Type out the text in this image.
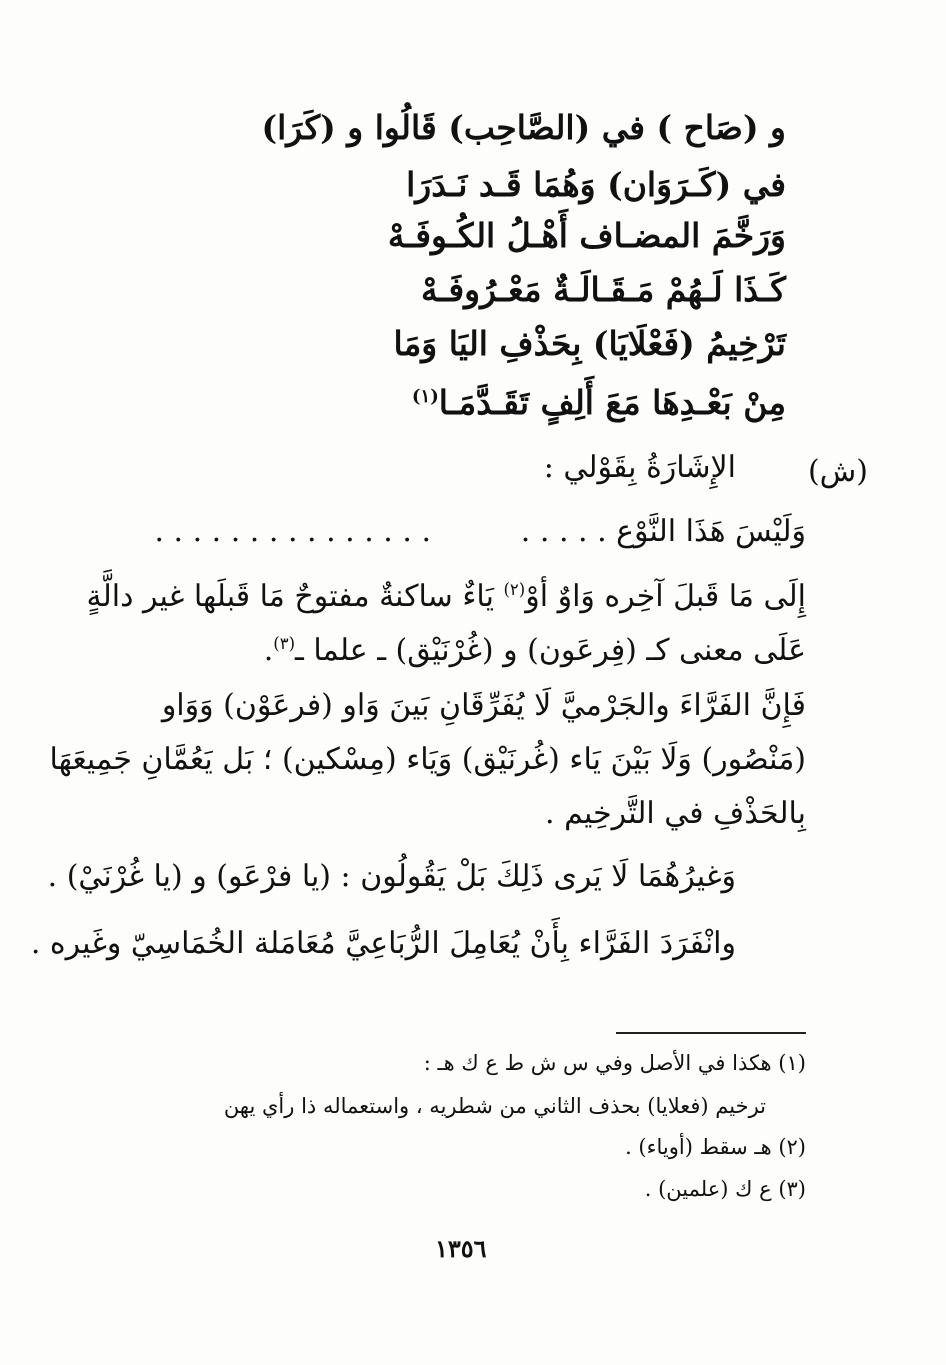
و (صَاح ) في (الصَّاحِب) قَالُوا و (كَرَا)
في (كَـرَوَان) وَهُمَا قَـد نَـدَرَا
وَرَخَّمَ المضـاف أَهْـلُ الكُـوفَـهْ
كَـذَا لَـهُمْ مَـقَـالَـةٌ مَعْـرُوفَـهْ
تَرْخِيمُ (فَعْلَايَا) بِحَذْفِ اليَا وَمَا
مِنْ بَعْـدِهَا مَعَ أَلِفٍ تَقَـدَّمَـا$^{(١)}$
(ش)
الإِشَارَةُ بِقَوْلي :
وَلَيْسَ هَذَا النَّوْع . . . . .
. . . . . . . . . . . . . . .
إِلَى مَا قَبلَ آخِره وَاوٌ أوْ$^{(٢)}$ يَاءٌ ساكنةٌ مفتوحٌ مَا قَبلَها غير دالَّةٍ
عَلَى معنى كـ (فِرعَون) و (غُرْنَيْق) ـ علما ـ$^{(٣)}$.
فَإِنَّ الفَرَّاءَ والجَرْميَّ لَا يُفَرِّقَانِ بَينَ وَاو (فرعَوْن) وَوَاو
(مَنْصُور) وَلَا بَيْنَ يَاء (غُرنَيْق) وَيَاء (مِسْكين) ؛ بَل يَعُمَّانِ جَمِيعَهَا
بِالحَذْفِ في التَّرخِيم .
وَغيرُهُمَا لَا يَرى ذَلِكَ بَلْ يَقُولُون : (يا فرْعَو) و (يا غُرْنَيْ) .
وانْفَرَدَ الفَرَّاء بِأَنْ يُعَامِلَ الرُّبَاعِيَّ مُعَامَلة الخُمَاسِيّ وغَيره .
(١) هكذا في الأصل وفي س ش ط ع ك هـ :
ترخيم (فعلايا) بحذف الثاني من شطريه ، واستعماله ذا رأي يهن
(٢) هـ سقط (أوياء) .
(٣) ع ك (علمين) .
١٣٥٦
